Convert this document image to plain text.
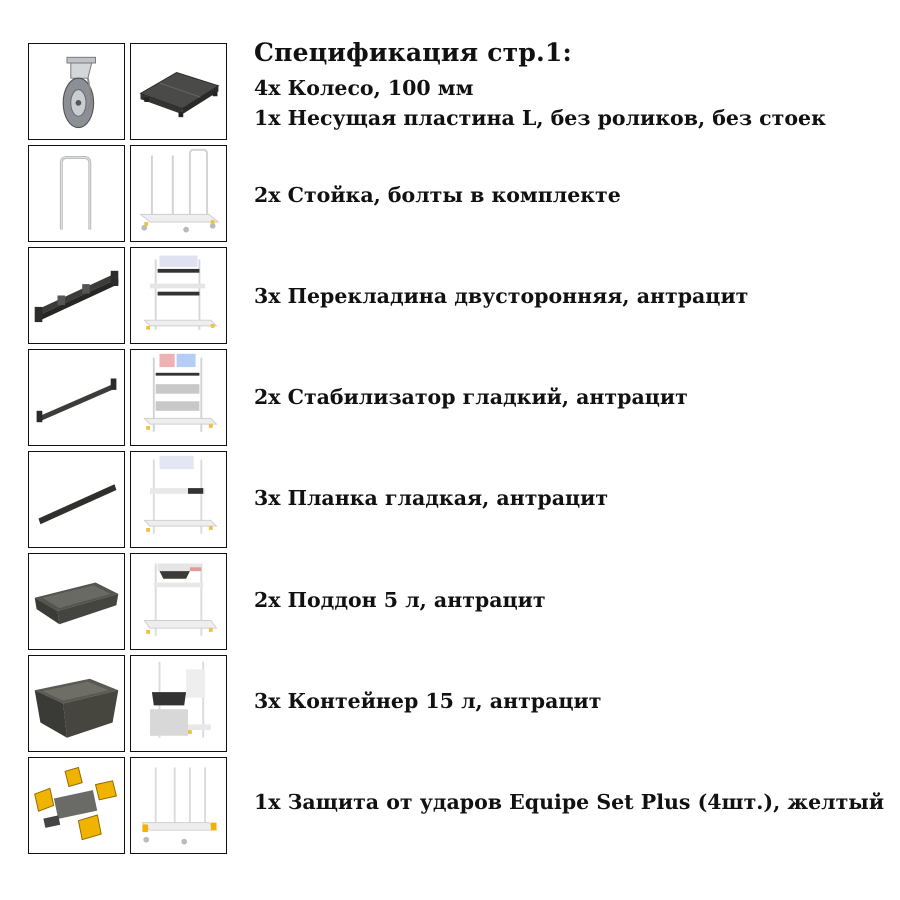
Спецификация стр.1:
4x Колесо, 100 мм
1x Несущая пластина L, без роликов, без стоек
2x Стойка, болты в комплекте
3x Перекладина двусторонняя, антрацит
2x Стабилизатор гладкий, антрацит
3x Планка гладкая, антрацит
2x Поддон 5 л, антрацит
3x Контейнер 15 л, антрацит
1x Защита от ударов Equipe Set Plus (4шт.), желтый
